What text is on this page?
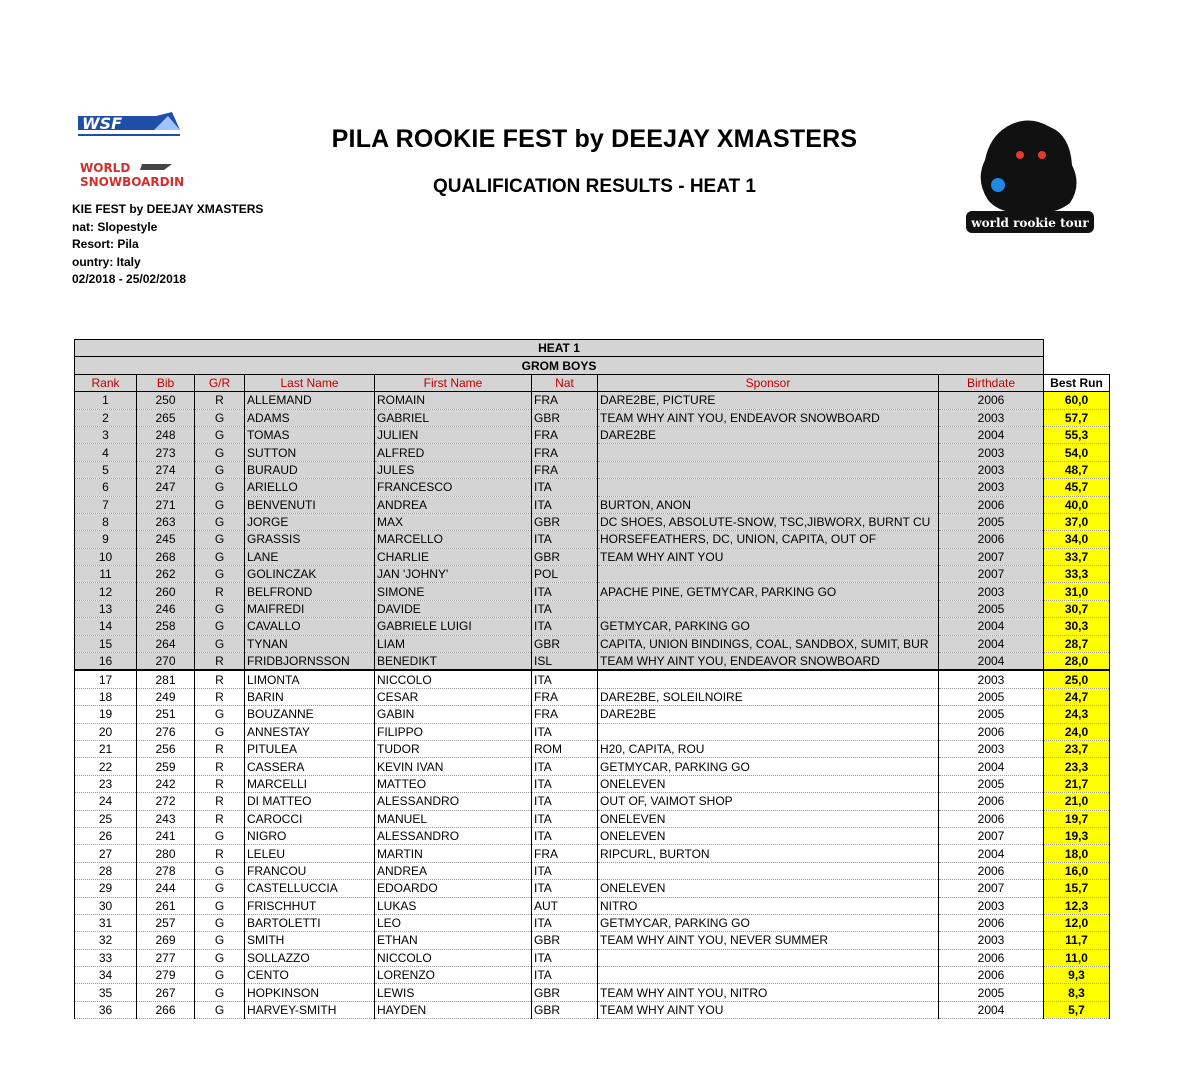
WSF
WORLD
SNOWBOARDING
world rookie tour
PILA ROOKIE FEST by DEEJAY XMASTERS
QUALIFICATION RESULTS - HEAT 1
KIE FEST by DEEJAY XMASTERS
nat: Slopestyle
Resort: Pila
ountry: Italy
02/2018 - 25/02/2018
HEAT 1								
GROM BOYS								
Rank	Bib	G/R	Last Name	First Name	Nat	Sponsor	Birthdate	Best Run
1	250	R	ALLEMAND	ROMAIN	FRA	DARE2BE, PICTURE	2006	60,0
2	265	G	ADAMS	GABRIEL	GBR	TEAM WHY AINT YOU, ENDEAVOR SNOWBOARD	2003	57,7
3	248	G	TOMAS	JULIEN	FRA	DARE2BE	2004	55,3
4	273	G	SUTTON	ALFRED	FRA		2003	54,0
5	274	G	BURAUD	JULES	FRA		2003	48,7
6	247	G	ARIELLO	FRANCESCO	ITA		2003	45,7
7	271	G	BENVENUTI	ANDREA	ITA	BURTON, ANON	2006	40,0
8	263	G	JORGE	MAX	GBR	DC SHOES, ABSOLUTE-SNOW, TSC,JIBWORX, BURNT CU	2005	37,0
9	245	G	GRASSIS	MARCELLO	ITA	HORSEFEATHERS, DC, UNION, CAPITA, OUT OF	2006	34,0
10	268	G	LANE	CHARLIE	GBR	TEAM WHY AINT YOU	2007	33,7
11	262	G	GOLINCZAK	JAN 'JOHNY'	POL		2007	33,3
12	260	R	BELFROND	SIMONE	ITA	APACHE PINE, GETMYCAR, PARKING GO	2003	31,0
13	246	G	MAIFREDI	DAVIDE	ITA		2005	30,7
14	258	G	CAVALLO	GABRIELE LUIGI	ITA	GETMYCAR, PARKING GO	2004	30,3
15	264	G	TYNAN	LIAM	GBR	CAPITA, UNION BINDINGS, COAL, SANDBOX, SUMIT, BUR	2004	28,7
16	270	R	FRIDBJORNSSON	BENEDIKT	ISL	TEAM WHY AINT YOU, ENDEAVOR SNOWBOARD	2004	28,0
17	281	R	LIMONTA	NICCOLO	ITA		2003	25,0
18	249	R	BARIN	CESAR	FRA	DARE2BE, SOLEILNOIRE	2005	24,7
19	251	G	BOUZANNE	GABIN	FRA	DARE2BE	2005	24,3
20	276	G	ANNESTAY	FILIPPO	ITA		2006	24,0
21	256	R	PITULEA	TUDOR	ROM	H20, CAPITA, ROU	2003	23,7
22	259	R	CASSERA	KEVIN IVAN	ITA	GETMYCAR, PARKING GO	2004	23,3
23	242	R	MARCELLI	MATTEO	ITA	ONELEVEN	2005	21,7
24	272	R	DI MATTEO	ALESSANDRO	ITA	OUT OF, VAIMOT SHOP	2006	21,0
25	243	R	CAROCCI	MANUEL	ITA	ONELEVEN	2006	19,7
26	241	G	NIGRO	ALESSANDRO	ITA	ONELEVEN	2007	19,3
27	280	R	LELEU	MARTIN	FRA	RIPCURL, BURTON	2004	18,0
28	278	G	FRANCOU	ANDREA	ITA		2006	16,0
29	244	G	CASTELLUCCIA	EDOARDO	ITA	ONELEVEN	2007	15,7
30	261	G	FRISCHHUT	LUKAS	AUT	NITRO	2003	12,3
31	257	G	BARTOLETTI	LEO	ITA	GETMYCAR, PARKING GO	2006	12,0
32	269	G	SMITH	ETHAN	GBR	TEAM WHY AINT YOU, NEVER SUMMER	2003	11,7
33	277	G	SOLLAZZO	NICCOLO	ITA		2006	11,0
34	279	G	CENTO	LORENZO	ITA		2006	9,3
35	267	G	HOPKINSON	LEWIS	GBR	TEAM WHY AINT YOU, NITRO	2005	8,3
36	266	G	HARVEY-SMITH	HAYDEN	GBR	TEAM WHY AINT YOU	2004	5,7
